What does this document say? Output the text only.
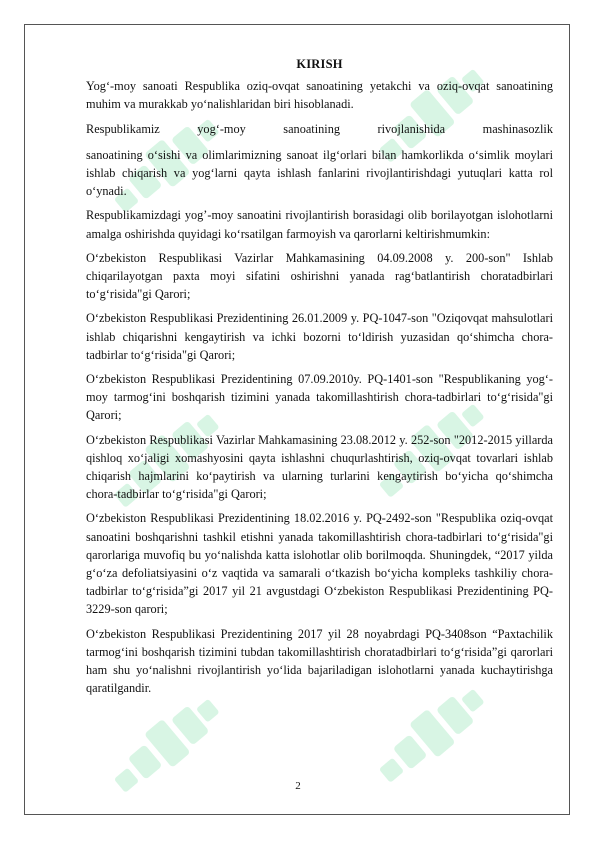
KIRISH

Yog‘-moy sanoati Respublika oziq-ovqat sanoatining yetakchi va oziq-ovqat sanoatining muhim va murakkab yo‘nalishlaridan biri hisoblanadi.

Respublikamiz yog‘-moy sanoatining rivojlanishida mashinasozlik

sanoatining o‘sishi va olimlarimizning sanoat ilg‘orlari bilan hamkorlikda o‘simlik moylari ishlab chiqarish va yog‘larni qayta ishlash fanlarini rivojlantirishdagi yutuqlari katta rol o‘ynadi.

Respublikamizdagi yog’-moy sanoatini rivojlantirish borasidagi olib borilayotgan islohotlarni amalga oshirishda quyidagi ko‘rsatilgan farmoyish va qarorlarni keltirishmumkin:

O‘zbekiston Respublikasi Vazirlar Mahkamasining 04.09.2008 y. 200-son" Ishlab chiqarilayotgan paxta moyi sifatini oshirishni yanada rag‘batlantirish choratadbirlari to‘g‘risida"gi Qarori;

O‘zbekiston Respublikasi Prezidentining 26.01.2009 y. PQ-1047-son "Oziqovqat mahsulotlari ishlab chiqarishni kengaytirish va ichki bozorni to‘ldirish yuzasidan qo‘shimcha chora-tadbirlar to‘g‘risida"gi Qarori;

O‘zbekiston Respublikasi Prezidentining 07.09.2010y. PQ-1401-son "Respublikaning yog‘-moy tarmog‘ini boshqarish tizimini yanada takomillashtirish chora-tadbirlari to‘g‘risida"gi Qarori;

O‘zbekiston Respublikasi Vazirlar Mahkamasining 23.08.2012 y. 252-son "2012-2015 yillarda qishloq xo‘jaligi xomashyosini qayta ishlashni chuqurlashtirish, oziq-ovqat tovarlari ishlab chiqarish hajmlarini ko‘paytirish va ularning turlarini kengaytirish bo‘yicha qo‘shimcha chora-tadbirlar to‘g‘risida"gi Qarori;

O‘zbekiston Respublikasi Prezidentining 18.02.2016 y. PQ-2492-son "Respublika oziq-ovqat sanoatini boshqarishni tashkil etishni yanada takomillashtirish chora-tadbirlari to‘g‘risida"gi qarorlariga muvofiq bu yo‘nalishda katta islohotlar olib borilmoqda. Shuningdek, “2017 yilda g‘o‘za defoliatsiyasini o‘z vaqtida va samarali o‘tkazish bo‘yicha kompleks tashkiliy chora-tadbirlar to‘g‘risida”gi 2017 yil 21 avgustdagi O‘zbekiston Respublikasi Prezidentining PQ-3229-son qarori;

O‘zbekiston Respublikasi Prezidentining 2017 yil 28 noyabrdagi PQ-3408son “Paxtachilik tarmog‘ini boshqarish tizimini tubdan takomillashtirish choratadbirlari to‘g‘risida”gi qarorlari ham shu yo‘nalishni rivojlantirish yo‘lida bajariladigan islohotlarni yanada kuchaytirishga qaratilgandir.

2
